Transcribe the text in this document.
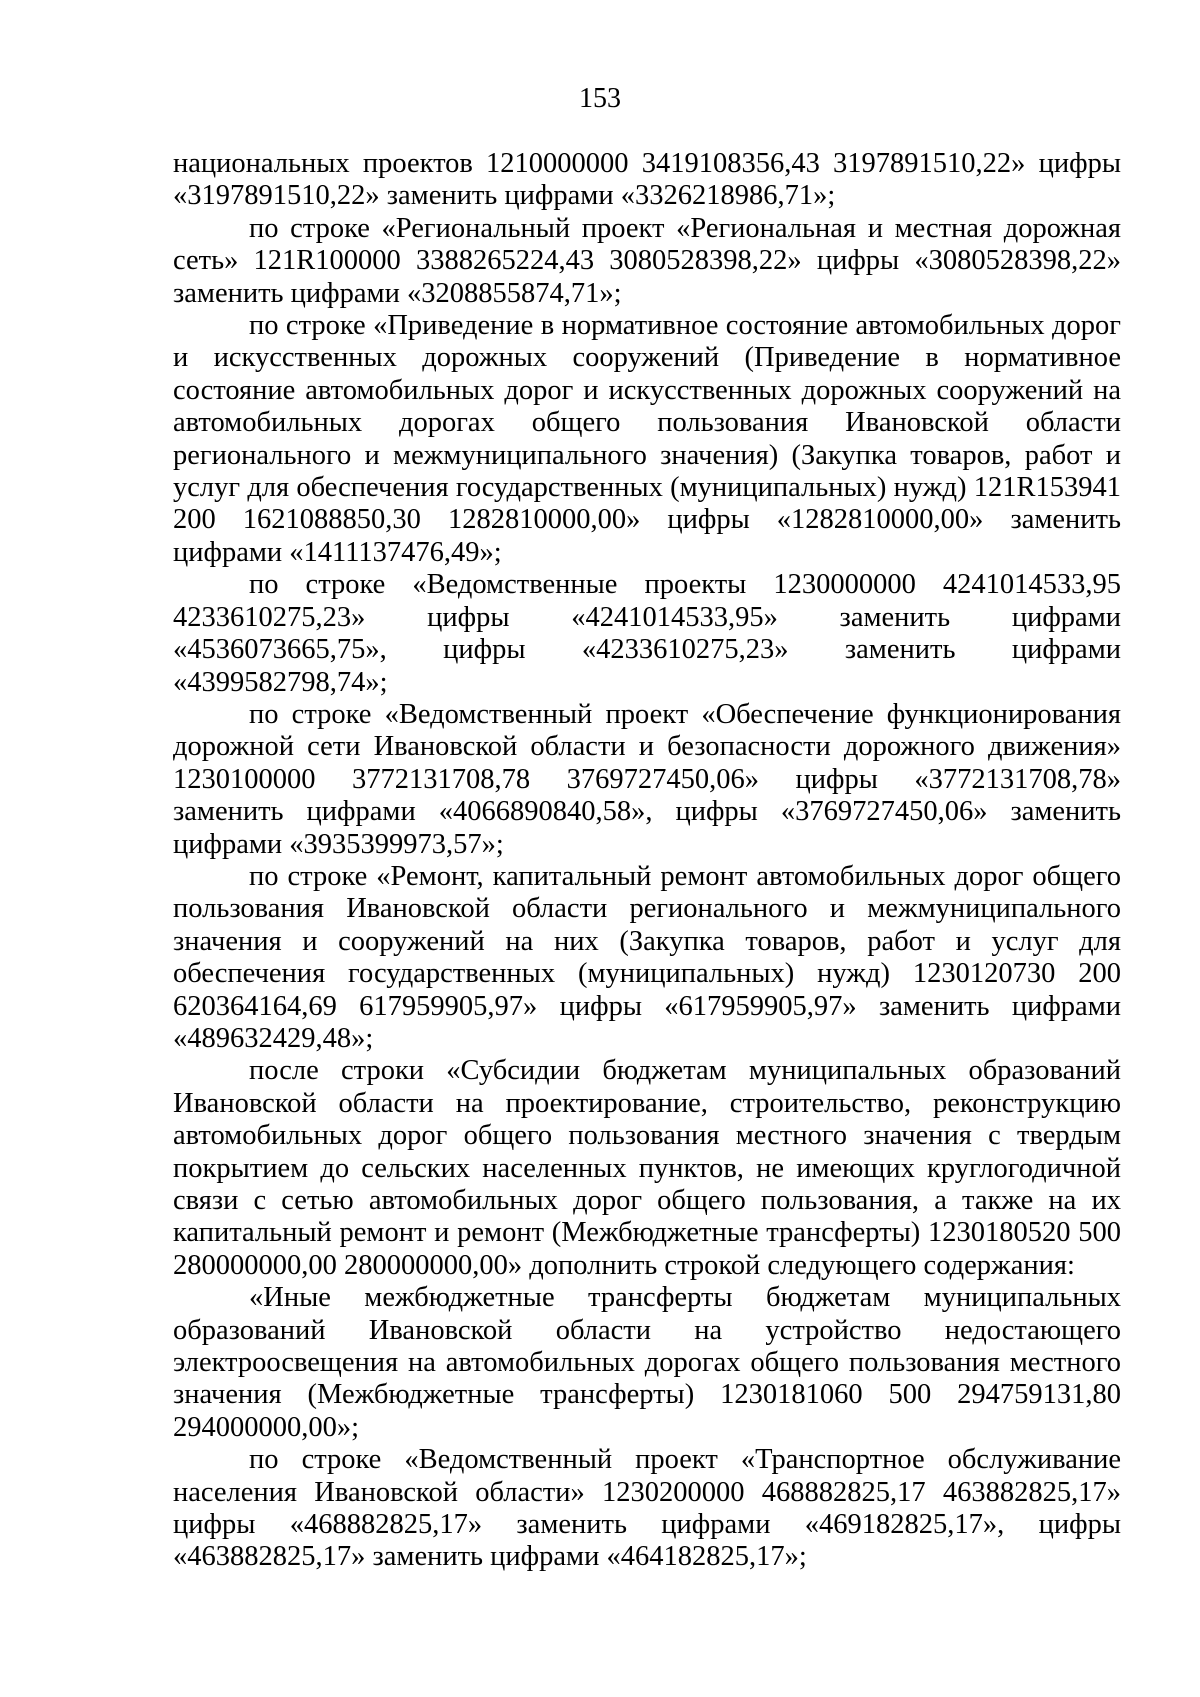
153

национальных проектов 1210000000 3419108356,43 3197891510,22» цифры «3197891510,22» заменить цифрами «3326218986,71»;

по строке «Региональный проект «Региональная и местная дорожная сеть» 121R100000 3388265224,43 3080528398,22» цифры «3080528398,22» заменить цифрами «3208855874,71»;

по строке «Приведение в нормативное состояние автомобильных дорог и искусственных дорожных сооружений (Приведение в нормативное состояние автомобильных дорог и искусственных дорожных сооружений на автомобильных дорогах общего пользования Ивановской области регионального и межмуниципального значения) (Закупка товаров, работ и услуг для обеспечения государственных (муниципальных) нужд) 121R153941 200 1621088850,30 1282810000,00» цифры «1282810000,00» заменить цифрами «1411137476,49»;

по строке «Ведомственные проекты 1230000000 4241014533,95 4233610275,23» цифры «4241014533,95» заменить цифрами «4536073665,75», цифры «4233610275,23» заменить цифрами «4399582798,74»;

по строке «Ведомственный проект «Обеспечение функционирования дорожной сети Ивановской области и безопасности дорожного движения» 1230100000 3772131708,78 3769727450,06» цифры «3772131708,78» заменить цифрами «4066890840,58», цифры «3769727450,06» заменить цифрами «3935399973,57»;

по строке «Ремонт, капитальный ремонт автомобильных дорог общего пользования Ивановской области регионального и межмуниципального значения и сооружений на них (Закупка товаров, работ и услуг для обеспечения государственных (муниципальных) нужд) 1230120730 200 620364164,69 617959905,97» цифры «617959905,97» заменить цифрами «489632429,48»;

после строки «Субсидии бюджетам муниципальных образований Ивановской области на проектирование, строительство, реконструкцию автомобильных дорог общего пользования местного значения с твердым покрытием до сельских населенных пунктов, не имеющих круглогодичной связи с сетью автомобильных дорог общего пользования, а также на их капитальный ремонт и ремонт (Межбюджетные трансферты) 1230180520 500 280000000,00 280000000,00» дополнить строкой следующего содержания:

«Иные межбюджетные трансферты бюджетам муниципальных образований Ивановской области на устройство недостающего электроосвещения на автомобильных дорогах общего пользования местного значения (Межбюджетные трансферты) 1230181060 500 294759131,80 294000000,00»;

по строке «Ведомственный проект «Транспортное обслуживание населения Ивановской области» 1230200000 468882825,17 463882825,17» цифры «468882825,17» заменить цифрами «469182825,17», цифры «463882825,17» заменить цифрами «464182825,17»;
